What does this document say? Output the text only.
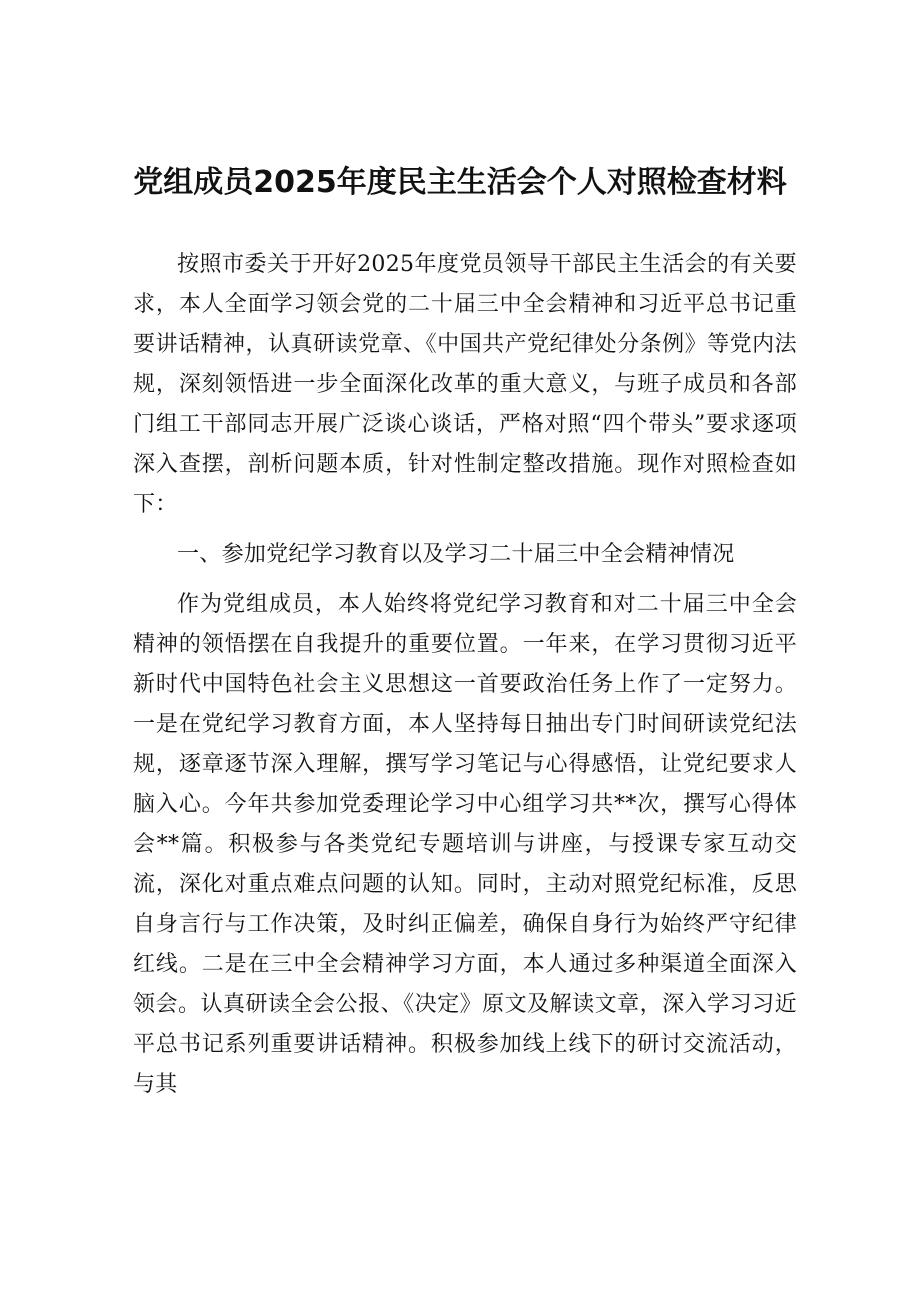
党组成员2025年度民主生活会个人对照检查材料

按照市委关于开好2025年度党员领导干部民主生活会的有关要求，本人全面学习领会党的二十届三中全会精神和习近平总书记重要讲话精神，认真研读党章、《中国共产党纪律处分条例》等党内法规，深刻领悟进一步全面深化改革的重大意义，与班子成员和各部门组工干部同志开展广泛谈心谈话，严格对照“四个带头”要求逐项深入查摆，剖析问题本质，针对性制定整改措施。现作对照检查如下：

一、参加党纪学习教育以及学习二十届三中全会精神情况

作为党组成员，本人始终将党纪学习教育和对二十届三中全会精神的领悟摆在自我提升的重要位置。一年来，在学习贯彻习近平新时代中国特色社会主义思想这一首要政治任务上作了一定努力。一是在党纪学习教育方面，本人坚持每日抽出专门时间研读党纪法规，逐章逐节深入理解，撰写学习笔记与心得感悟，让党纪要求人脑入心。今年共参加党委理论学习中心组学习共**次，撰写心得体会**篇。积极参与各类党纪专题培训与讲座，与授课专家互动交流，深化对重点难点问题的认知。同时，主动对照党纪标准，反思自身言行与工作决策，及时纠正偏差，确保自身行为始终严守纪律红线。二是在三中全会精神学习方面，本人通过多种渠道全面深入领会。认真研读全会公报、《决定》原文及解读文章，深入学习习近平总书记系列重要讲话精神。积极参加线上线下的研讨交流活动，与其
